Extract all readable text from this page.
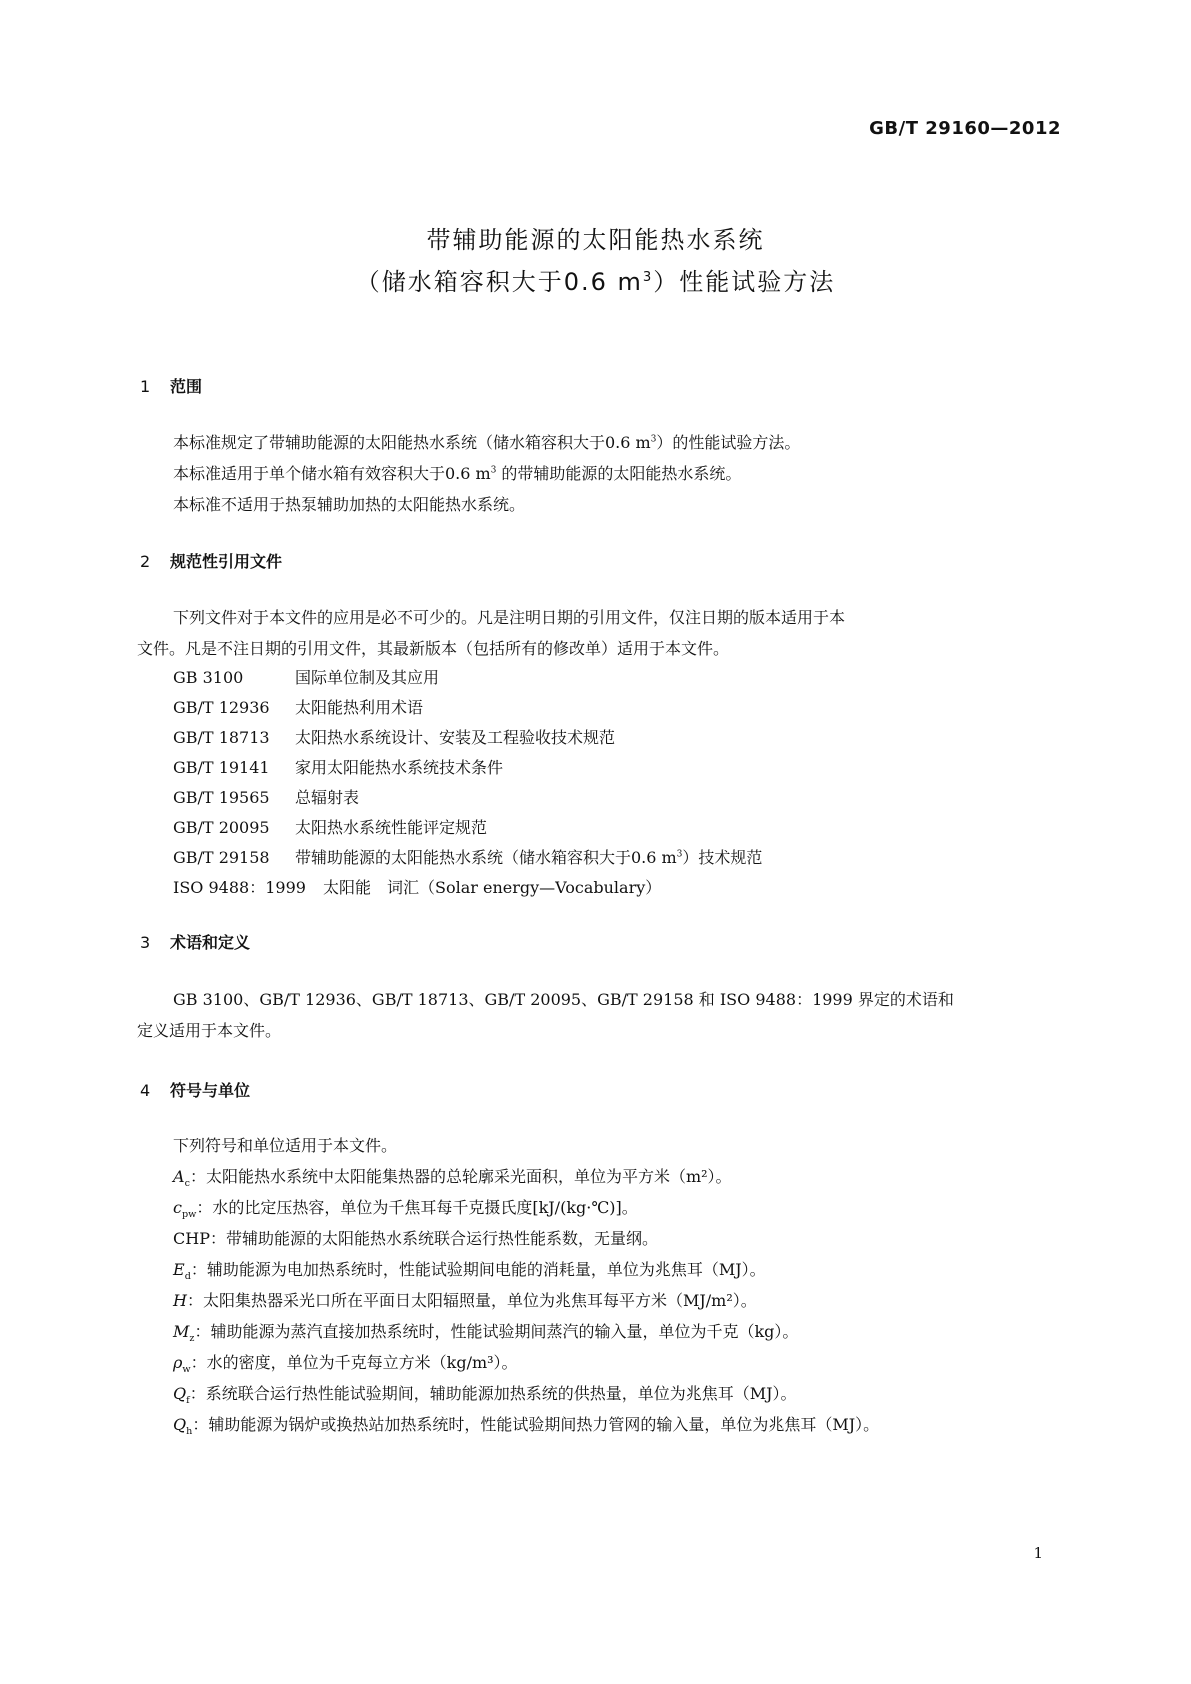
GB/T 29160—2012
带辅助能源的太阳能热水系统
（储水箱容积大于0.6 $m^3$）性能试验方法
1 范围

本标准规定了带辅助能源的太阳能热水系统（储水箱容积大于0.6 $m^3$）的性能试验方法。

本标准适用于单个储水箱有效容积大于0.6 $m^3$ 的带辅助能源的太阳能热水系统。

本标准不适用于热泵辅助加热的太阳能热水系统。

2 规范性引用文件

下列文件对于本文件的应用是必不可少的。凡是注明日期的引用文件，仅注日期的版本适用于本

文件。凡是不注日期的引用文件，其最新版本（包括所有的修改单）适用于本文件。

GB 3100	国际单位制及其应用
GB/T 12936 太阳能热利用术语
GB/T 18713 太阳热水系统设计、安装及工程验收技术规范
GB/T 19141 家用太阳能热水系统技术条件
GB/T 19565 总辐射表
GB/T 20095 太阳热水系统性能评定规范
GB/T 29158 带辅助能源的太阳能热水系统（储水箱容积大于0.6 $m^3$）技术规范
ISO 9488：1999 太阳能　词汇（Solar energy—Vocabulary）
3 术语和定义

GB 3100、GB/T 12936、GB/T 18713、GB/T 20095、GB/T 29158 和 ISO 9488：1999 界定的术语和

定义适用于本文件。

4 符号与单位
下列符号和单位适用于本文件。
$A_c$：太阳能热水系统中太阳能集热器的总轮廓采光面积，单位为平方米（m²）。
$c_{pw}$：水的比定压热容，单位为千焦耳每千克摄氏度[kJ/(kg·℃)]。
CHP：带辅助能源的太阳能热水系统联合运行热性能系数，无量纲。
$E_d$：辅助能源为电加热系统时，性能试验期间电能的消耗量，单位为兆焦耳（MJ）。
H：太阳集热器采光口所在平面日太阳辐照量，单位为兆焦耳每平方米（MJ/m²）。
$M_z$：辅助能源为蒸汽直接加热系统时，性能试验期间蒸汽的输入量，单位为千克（kg）。
$\rho_w$：水的密度，单位为千克每立方米（kg/m³）。
$Q_f$：系统联合运行热性能试验期间，辅助能源加热系统的供热量，单位为兆焦耳（MJ）。
$Q_h$：辅助能源为锅炉或换热站加热系统时，性能试验期间热力管网的输入量，单位为兆焦耳（MJ）。
1
